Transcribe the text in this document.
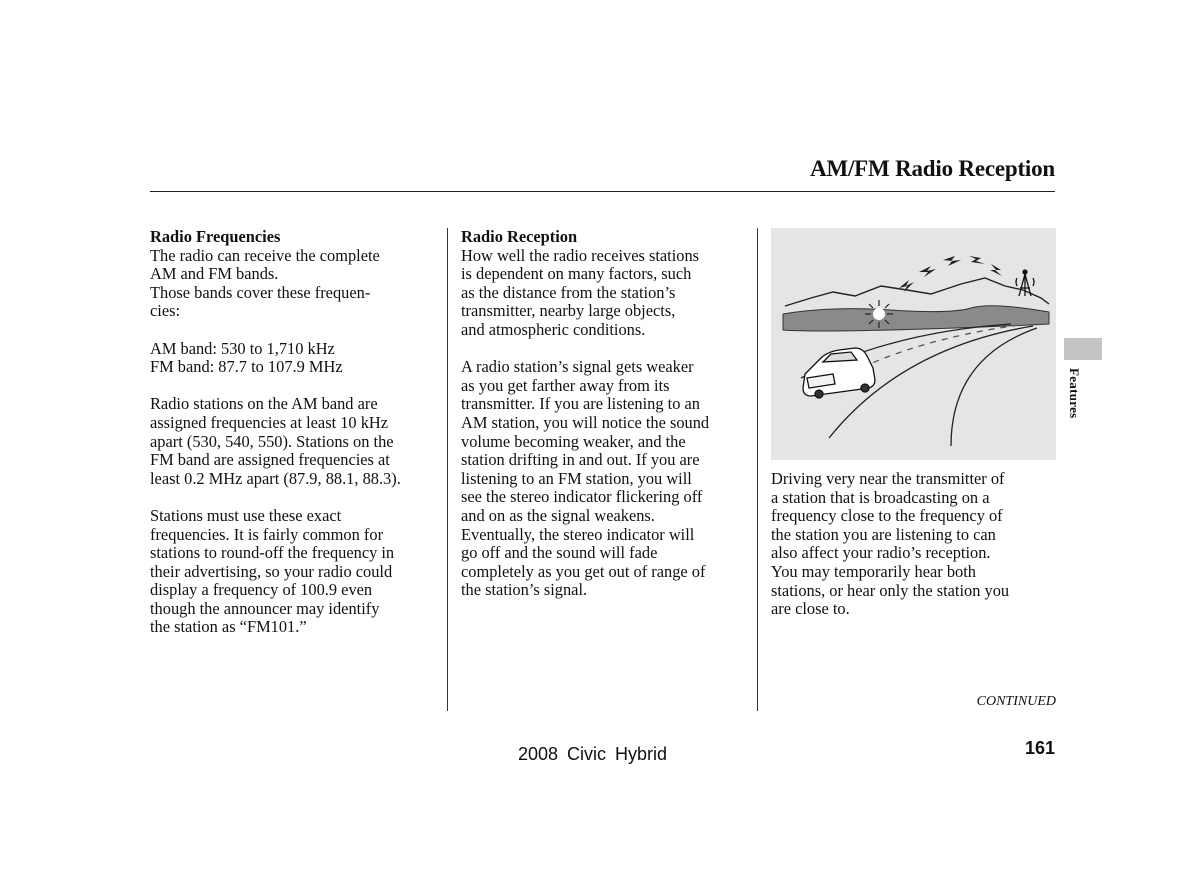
AM/FM Radio Reception

Radio Frequencies

The radio can receive the complete

AM and FM bands.

Those bands cover these frequen-

cies:

AM band: 530 to 1,710 kHz

FM band: 87.7 to 107.9 MHz

Radio stations on the AM band are

assigned frequencies at least 10 kHz

apart (530, 540, 550). Stations on the

FM band are assigned frequencies at

least 0.2 MHz apart (87.9, 88.1, 88.3).

Stations must use these exact

frequencies. It is fairly common for

stations to round-off the frequency in

their advertising, so your radio could

display a frequency of 100.9 even

though the announcer may identify

the station as “FM101.”

Radio Reception

How well the radio receives stations

is dependent on many factors, such

as the distance from the station’s

transmitter, nearby large objects,

and atmospheric conditions.

A radio station’s signal gets weaker

as you get farther away from its

transmitter. If you are listening to an

AM station, you will notice the sound

volume becoming weaker, and the

station drifting in and out. If you are

listening to an FM station, you will

see the stereo indicator flickering off

and on as the signal weakens.

Eventually, the stereo indicator will

go off and the sound will fade

completely as you get out of range of

the station’s signal.

Driving very near the transmitter of

a station that is broadcasting on a

frequency close to the frequency of

the station you are listening to can

also affect your radio’s reception.

You may temporarily hear both

stations, or hear only the station you

are close to.

Features
CONTINUED
2008 Civic Hybrid	161
